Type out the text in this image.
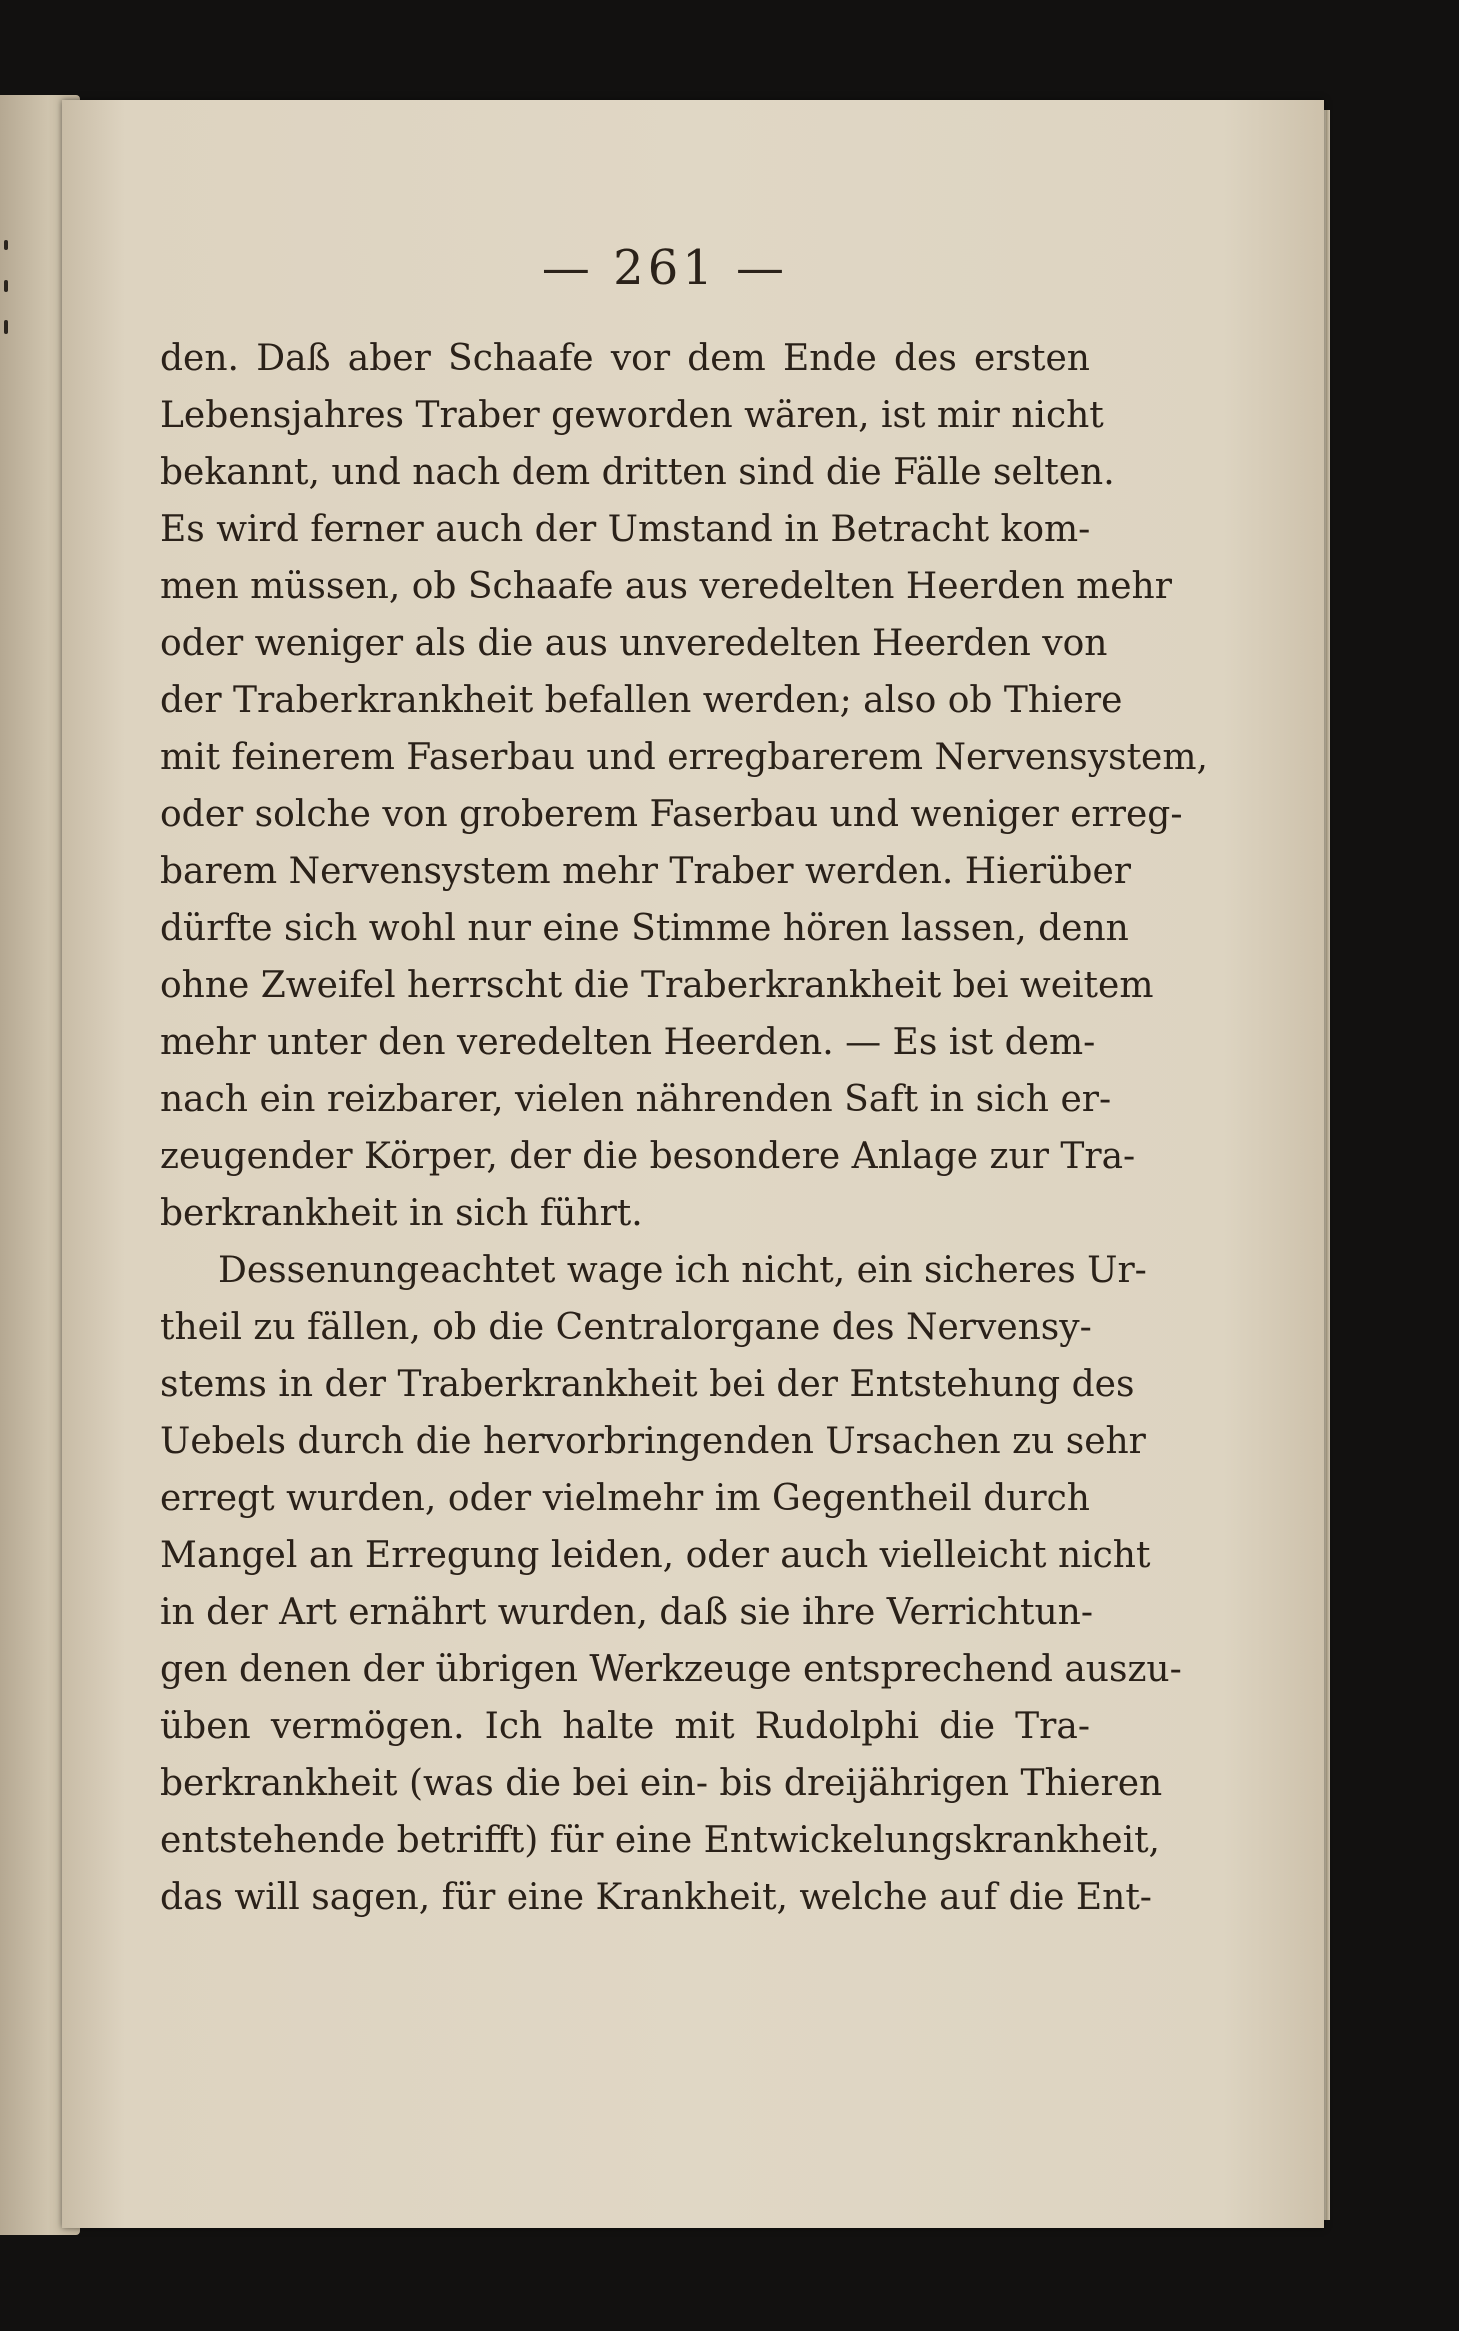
— 261 —
den. Daß aber Schaafe vor dem Ende des ersten
Lebensjahres Traber geworden wären, ist mir nicht
bekannt, und nach dem dritten sind die Fälle selten.
Es wird ferner auch der Umstand in Betracht kom-
men müssen, ob Schaafe aus veredelten Heerden mehr
oder weniger als die aus unveredelten Heerden von
der Traberkrankheit befallen werden; also ob Thiere
mit feinerem Faserbau und erregbarerem Nervensystem,
oder solche von groberem Faserbau und weniger erreg-
barem Nervensystem mehr Traber werden. Hierüber
dürfte sich wohl nur eine Stimme hören lassen, denn
ohne Zweifel herrscht die Traberkrankheit bei weitem
mehr unter den veredelten Heerden. — Es ist dem-
nach ein reizbarer, vielen nährenden Saft in sich er-
zeugender Körper, der die besondere Anlage zur Tra-
berkrankheit in sich führt.
Dessenungeachtet wage ich nicht, ein sicheres Ur-
theil zu fällen, ob die Centralorgane des Nervensy-
stems in der Traberkrankheit bei der Entstehung des
Uebels durch die hervorbringenden Ursachen zu sehr
erregt wurden, oder vielmehr im Gegentheil durch
Mangel an Erregung leiden, oder auch vielleicht nicht
in der Art ernährt wurden, daß sie ihre Verrichtun-
gen denen der übrigen Werkzeuge entsprechend auszu-
üben vermögen. Ich halte mit Rudolphi die Tra-
berkrankheit (was die bei ein- bis dreijährigen Thieren
entstehende betrifft) für eine Entwickelungskrankheit,
das will sagen, für eine Krankheit, welche auf die Ent-
